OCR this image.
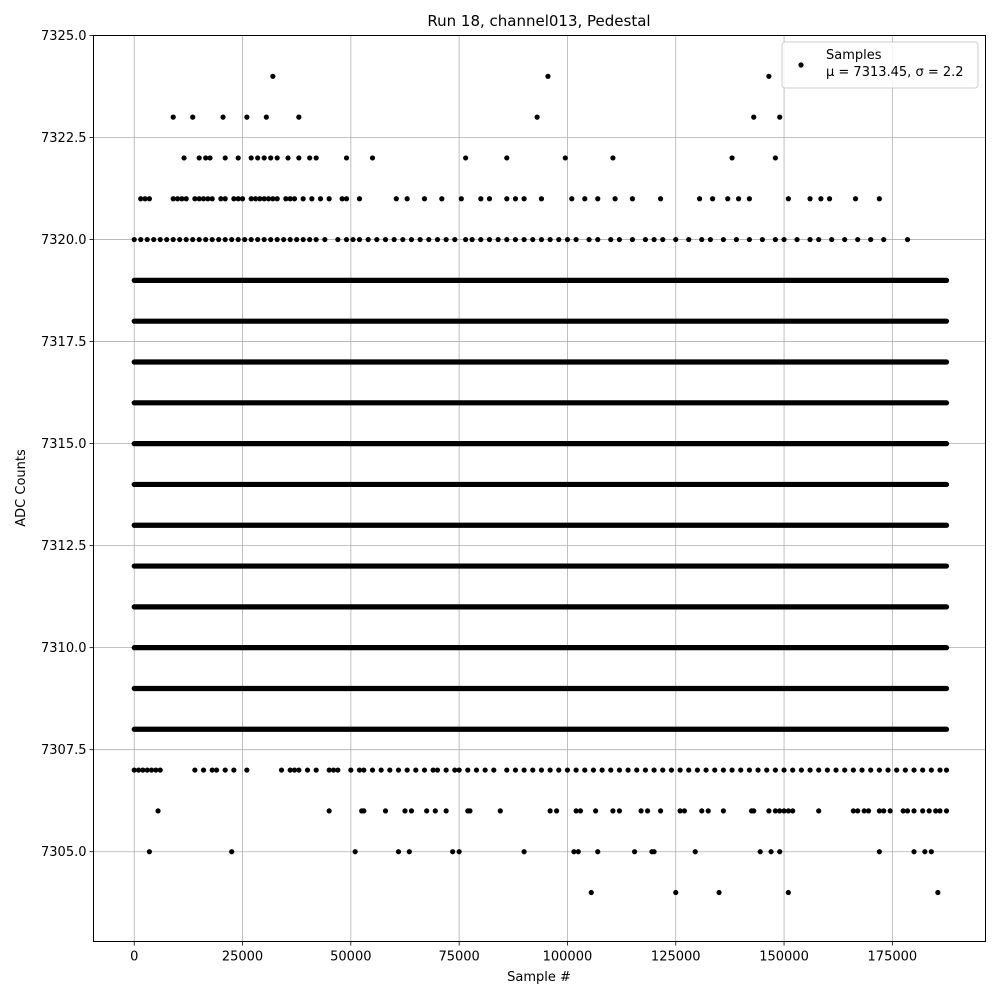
Run 18, channel013, Pedestal
0	25000	50000	75000	100000	125000	150000	175000
7305.0
7307.5
7310.0
7312.5
7315.0
7317.5
7320.0
7322.5
7325.0
Sample #
ADC Counts
Samples
μ = 7313.45, σ = 2.2
